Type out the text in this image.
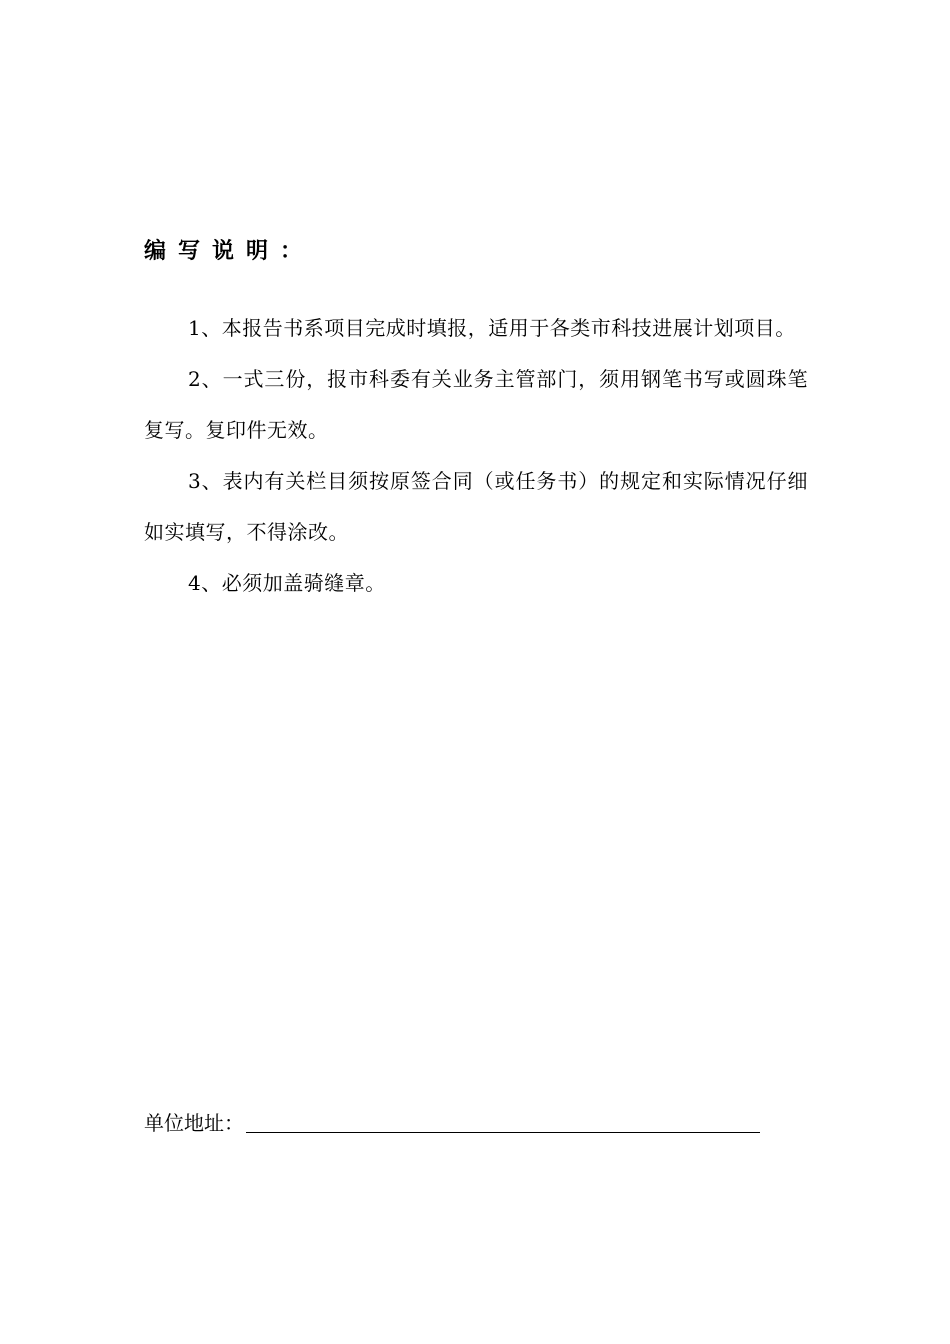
编写说明：

1、本报告书系项目完成时填报，适用于各类市科技进展计划项目。

2、一式三份，报市科委有关业务主管部门，须用钢笔书写或圆珠笔复写。复印件无效。

3、表内有关栏目须按原签合同（或任务书）的规定和实际情况仔细如实填写，不得涂改。

4、必须加盖骑缝章。

单位地址：
